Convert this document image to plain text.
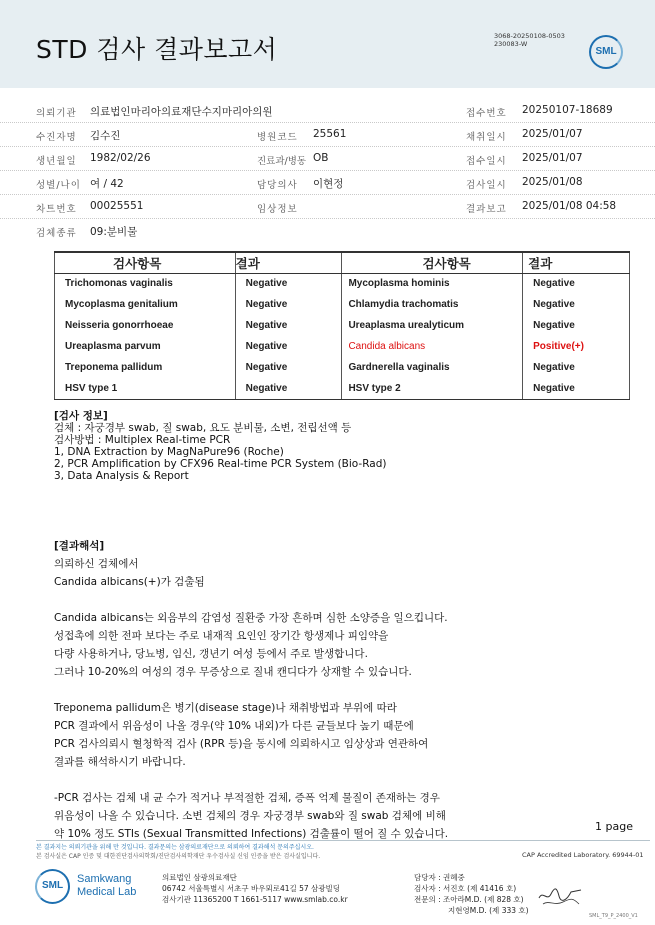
STD 검사 결과보고서	3068-20250108-0503
230083-W
SML
의뢰기관 의료법인마리아의료재단수지마리아의원	접수번호 20250107-18689
수진자명 김수진	병원코드 25561	채취일시 2025/01/07
생년월일 1982/02/26	진료과/병동 OB	접수일시 2025/01/07
성별/나이 여 / 42	담당의사 이현정	검사일시 2025/01/08
차트번호 00025551	임상정보	결과보고 2025/01/08 04:58
검체종류 09:분비물
검사항목	결과	검사항목	결과
Trichomonas vaginalis	Negative	Mycoplasma hominis	Negative
Mycoplasma genitalium	Negative	Chlamydia trachomatis	Negative
Neisseria gonorrhoeae	Negative	Ureaplasma urealyticum	Negative
Ureaplasma parvum	Negative	Candida albicans	Positive(+)
Treponema pallidum	Negative	Gardnerella vaginalis	Negative
HSV type 1	Negative	HSV type 2	Negative
[검사 정보]
검체 : 자궁경부 swab, 질 swab, 요도 분비물, 소변, 전립선액 등
검사방법 : Multiplex Real-time PCR
1, DNA Extraction by MagNaPure96 (Roche)
2, PCR Amplification by CFX96 Real-time PCR System (Bio-Rad)
3, Data Analysis & Report

[결과해석]

의뢰하신 검체에서

Candida albicans(+)가 검출됨

Candida albicans는 외음부의 감염성 질환중 가장 흔하며 심한 소양증을 일으킵니다.

성접촉에 의한 전파 보다는 주로 내재적 요인인 장기간 항생제나 피임약을

다량 사용하거나, 당뇨병, 임신, 갱년기 여성 등에서 주로 발생합니다.

그러나 10-20%의 여성의 경우 무증상으로 질내 캔디다가 상재할 수 있습니다.

Treponema pallidum은 병기(disease stage)나 채취방법과 부위에 따라

PCR 결과에서 위음성이 나올 경우(약 10% 내외)가 다른 균들보다 높기 때문에

PCR 검사의뢰시 혈청학적 검사 (RPR 등)을 동시에 의뢰하시고 임상상과 연관하여

결과를 해석하시기 바랍니다.

-PCR 검사는 검체 내 균 수가 적거나 부적절한 검체, 증폭 억제 물질이 존재하는 경우

위음성이 나올 수 있습니다. 소변 검체의 경우 자궁경부 swab와 질 swab 검체에 비해

약 10% 정도 STIs (Sexual Transmitted Infections) 검출률이 떨어 질 수 있습니다.

1 page
본 결과지는 의뢰기관을 위해 만 것입니다. 결과문의는 삼광의료재단으로 의뢰하여 결과해석 문의주십시오.
본 검사실은 CAP 인증 및 대한진단검사의학회/진단검사의학재단 우수검사실 신임 인증을 받은 검사실입니다.	CAP Accredited Laboratory. 69944-01
SML
Samkwang
Medical Lab
의료법인 삼광의료재단
06742 서울특별시 서초구 바우뫼로41길 57 삼광빌딩
검사기관 11365200 T 1661-5117 www.smlab.co.kr
담당자 : 권혜중
검사자 : 서진호 (제 41416 호)
전문의 : 조아라M.D. (제 828 호)
지현영M.D. (제 333 호)
SML_T9_P_2400_V1
